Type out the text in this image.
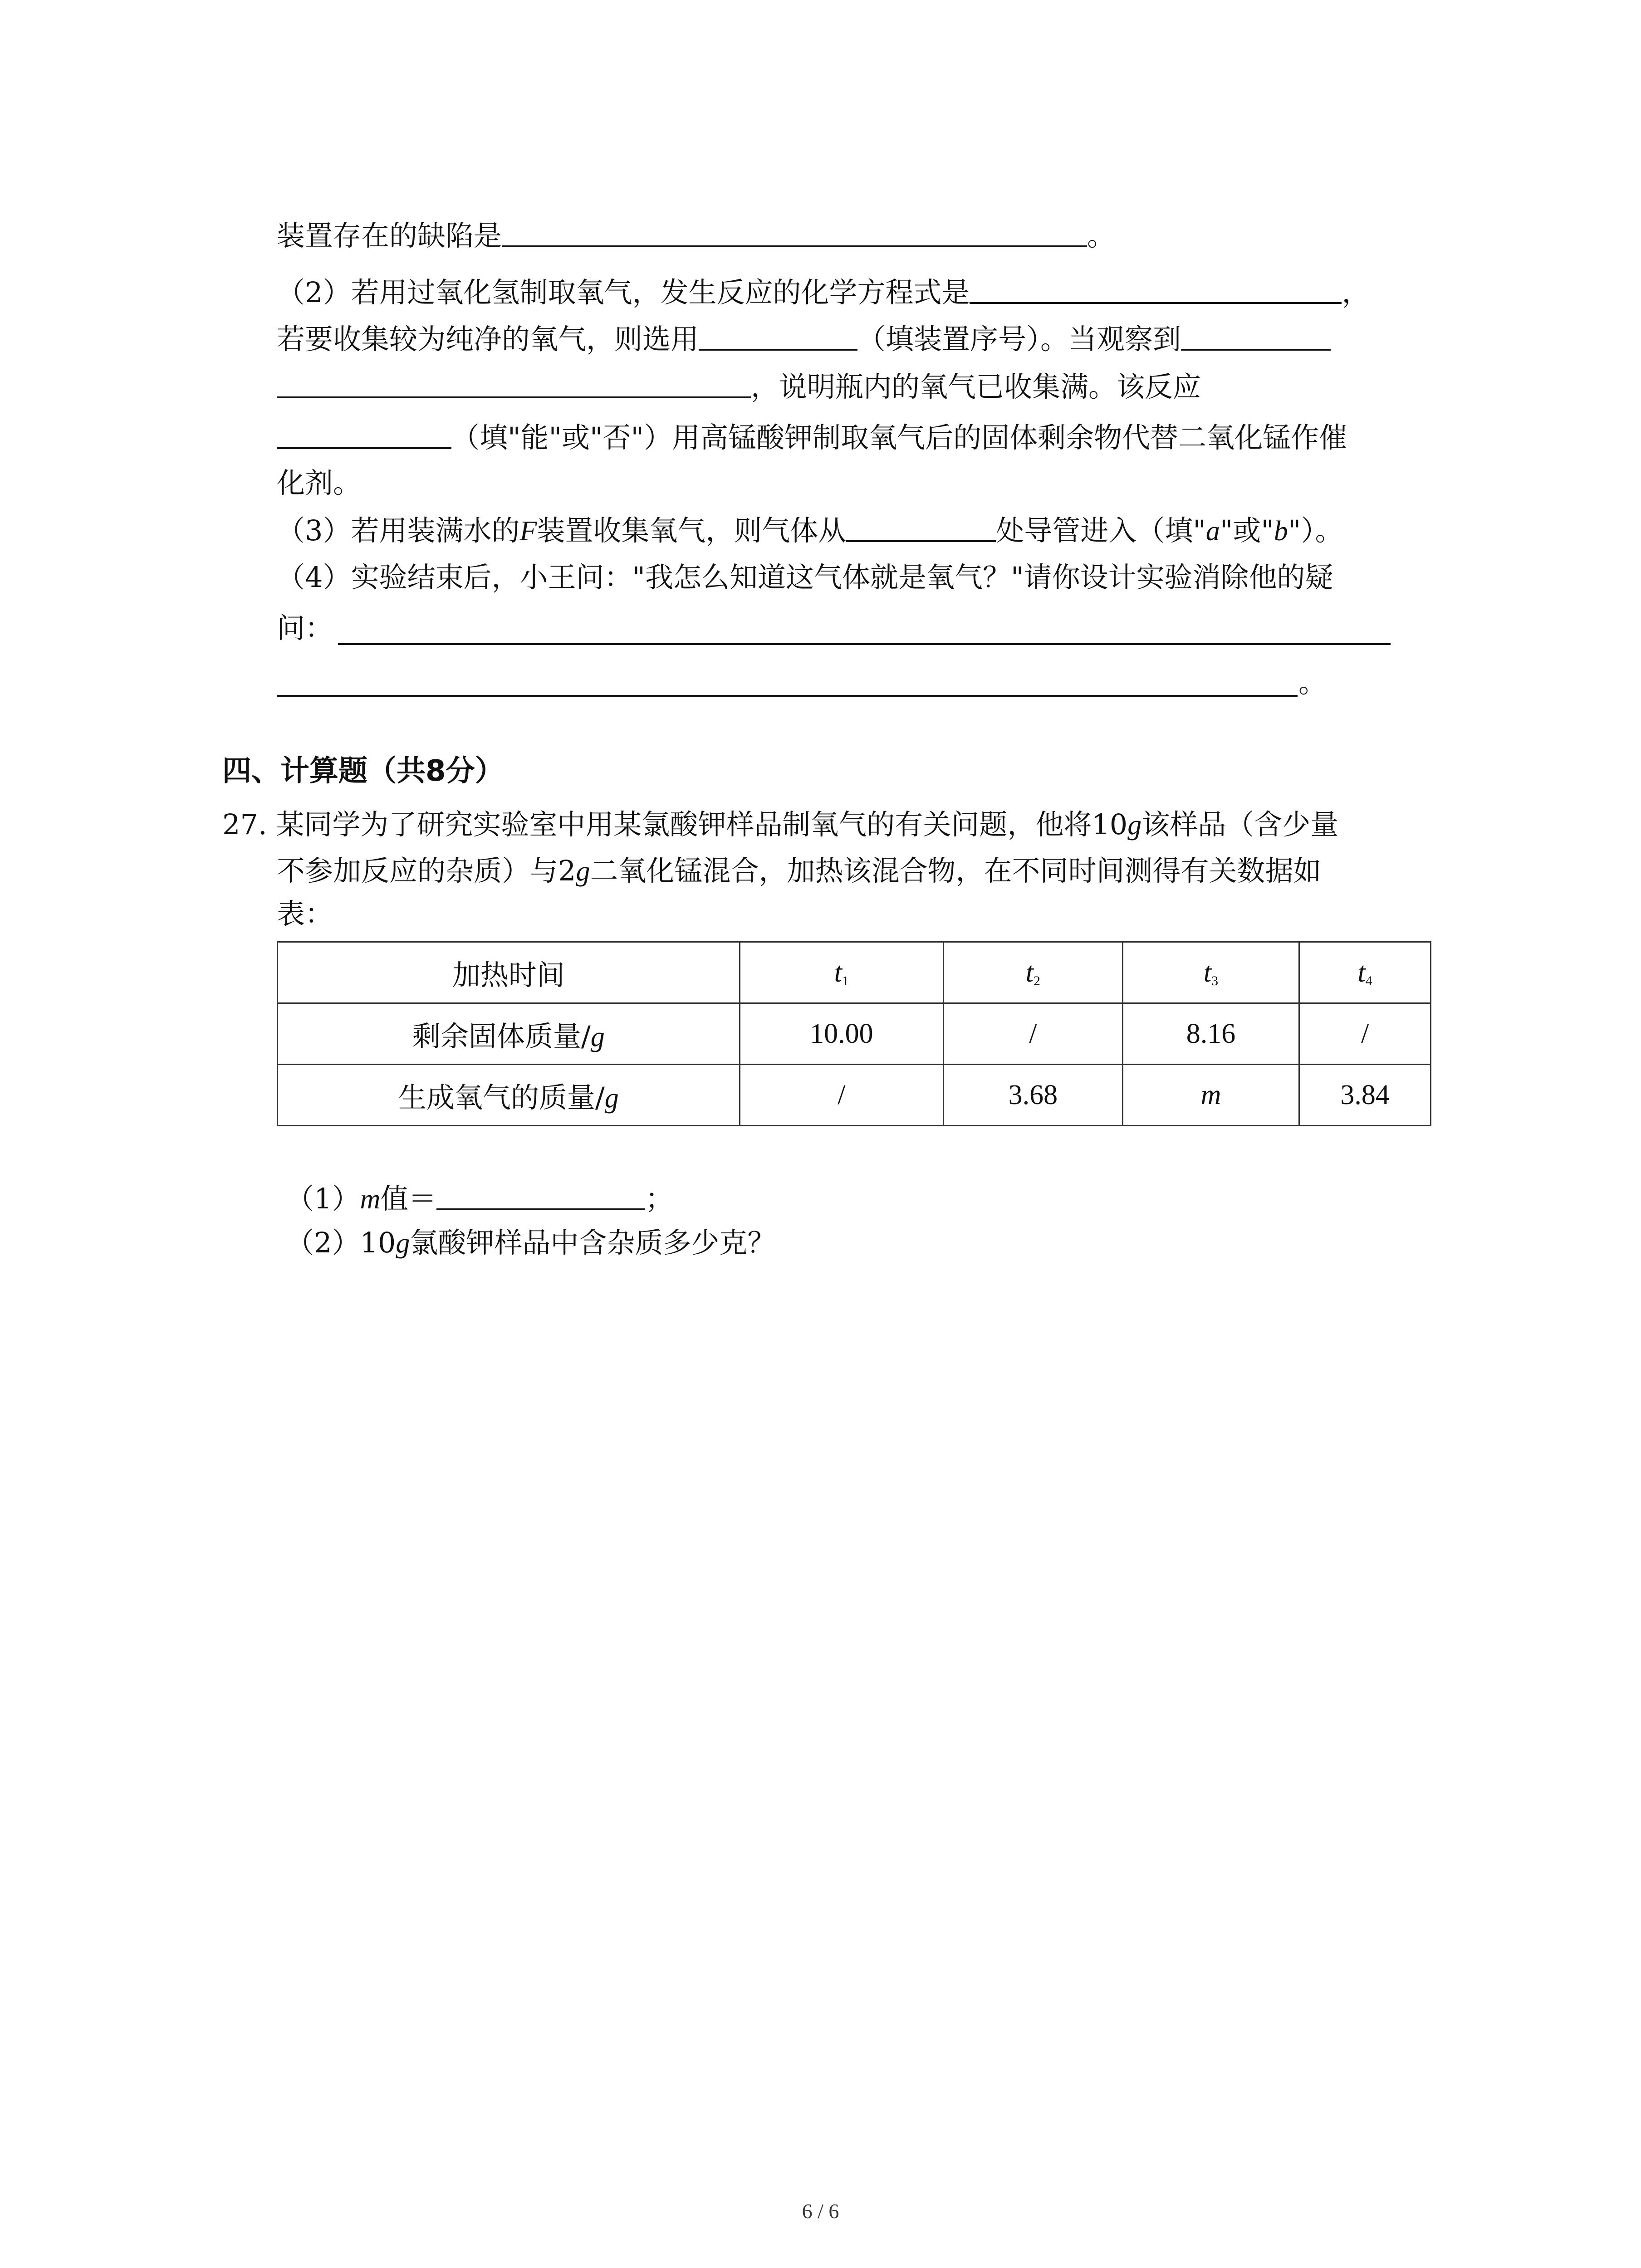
装置存在的缺陷是	。
（2）若用过氧化氢制取氧气，发生反应的化学方程式是	，
若要收集较为纯净的氧气，则选用	（填装置序号）。当观察到
，说明瓶内的氧气已收集满。该反应
（填"能"或"否"）用高锰酸钾制取氧气后的固体剩余物代替二氧化锰作催
化剂。
（3）若用装满水的F装置收集氧气，则气体从	处导管进入（填"a"或"b"）。
（4）实验结束后，小王问："我怎么知道这气体就是氧气？"请你设计实验消除他的疑
问：
。
四、计算题（共8分）
27. 某同学为了研究实验室中用某氯酸钾样品制氧气的有关问题，他将10g该样品（含少量
不参加反应的杂质）与2g二氧化锰混合，加热该混合物，在不同时间测得有关数据如
表：
加热时间	$t_1$	$t_2$	$t_3$	$t_4$
剩余固体质量/g	10.00	/	8.16	/
生成氧气的质量/g	/	3.68	m	3.84
（1）m值＝	；
（2）10g氯酸钾样品中含杂质多少克？
6 / 6
